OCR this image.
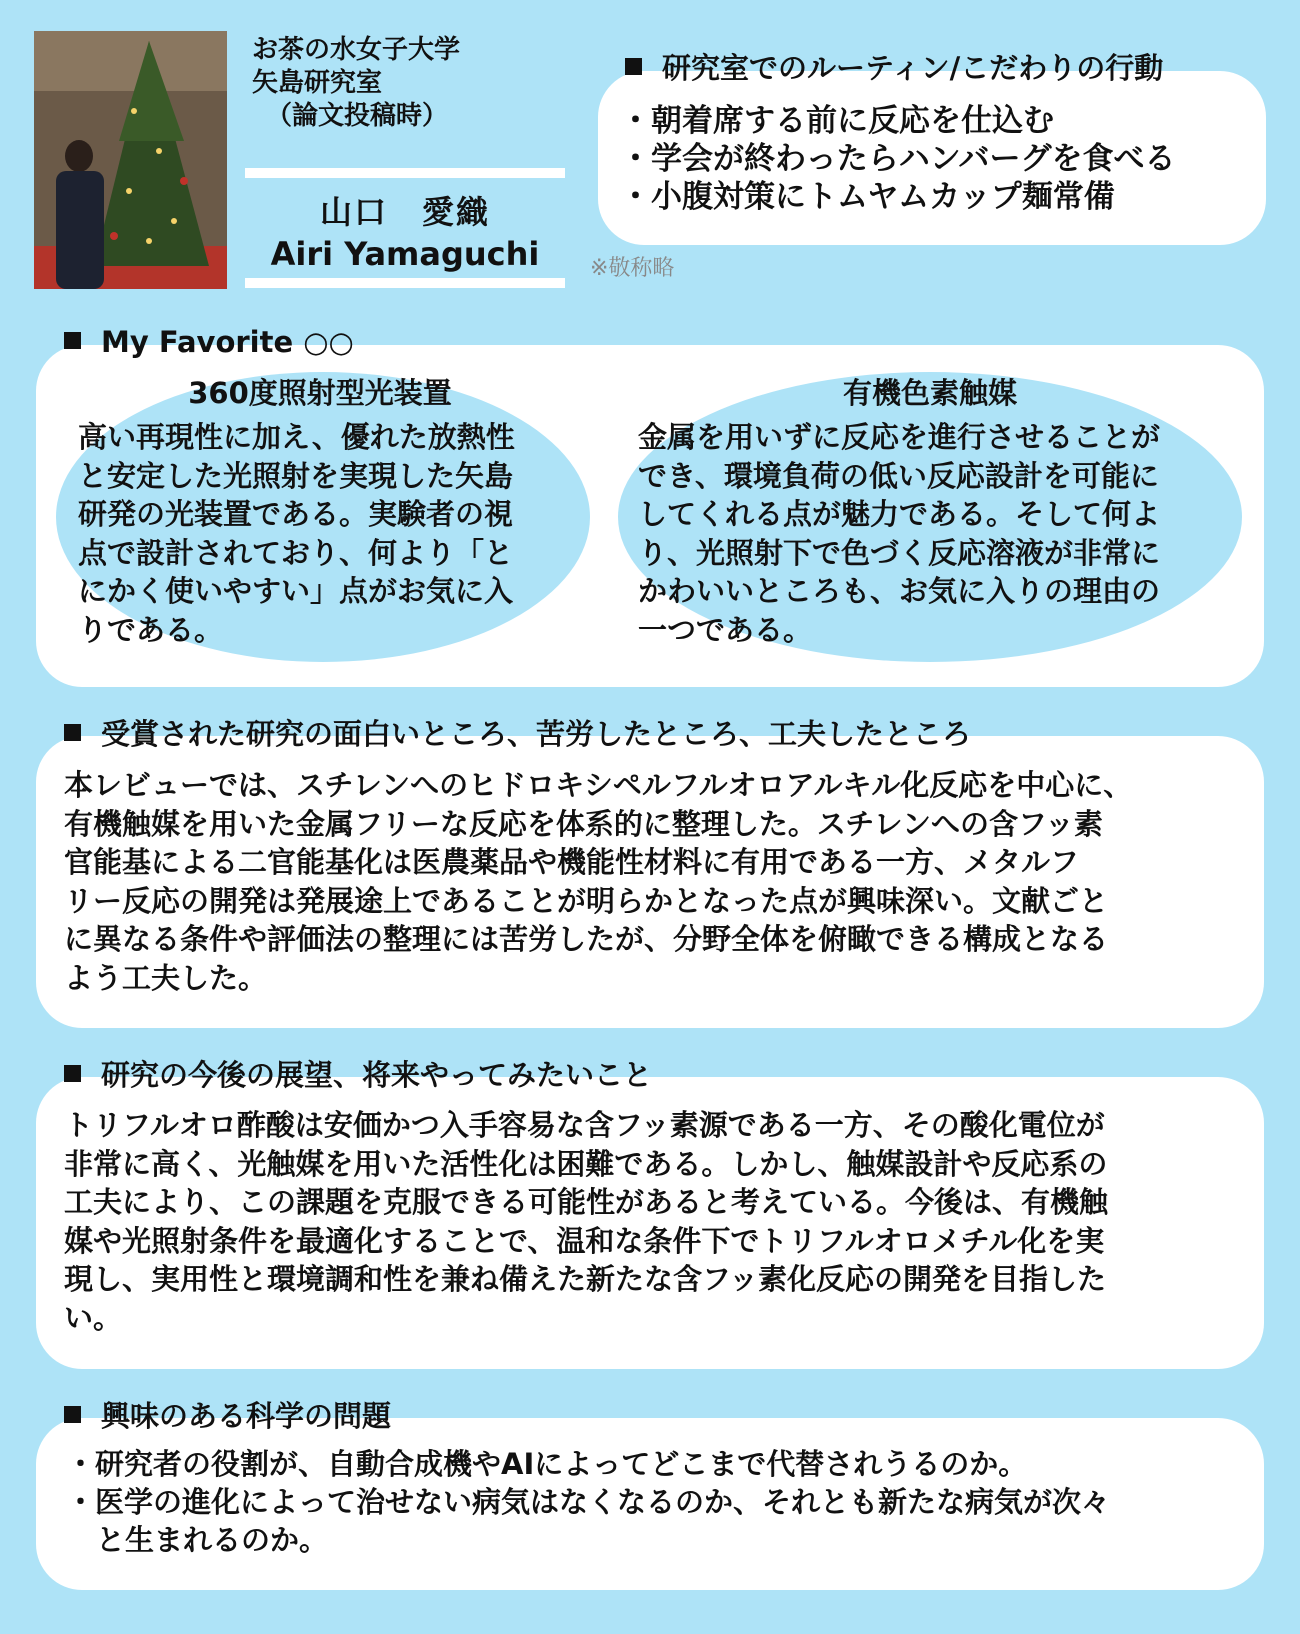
お茶の水女子大学
矢島研究室
（論文投稿時）
山口　愛織
Airi Yamaguchi	※敬称略
研究室でのルーティン/こだわりの行動
・朝着席する前に反応を仕込む
・学会が終わったらハンバーグを食べる
・小腹対策にトムヤムカップ麺常備
My Favorite ○○
360度照射型光装置
高い再現性に加え、優れた放熱性
と安定した光照射を実現した矢島
研発の光装置である。実験者の視
点で設計されており、何より「と
にかく使いやすい」点がお気に入
りである。
有機色素触媒
金属を用いずに反応を進行させることが
でき、環境負荷の低い反応設計を可能に
してくれる点が魅力である。そして何よ
り、光照射下で色づく反応溶液が非常に
かわいいところも、お気に入りの理由の
一つである。
受賞された研究の面白いところ、苦労したところ、工夫したところ
本レビューでは、スチレンへのヒドロキシペルフルオロアルキル化反応を中心に、
有機触媒を用いた金属フリーな反応を体系的に整理した。スチレンへの含フッ素
官能基による二官能基化は医農薬品や機能性材料に有用である一方、メタルフ
リー反応の開発は発展途上であることが明らかとなった点が興味深い。文献ごと
に異なる条件や評価法の整理には苦労したが、分野全体を俯瞰できる構成となる
よう工夫した。
研究の今後の展望、将来やってみたいこと
トリフルオロ酢酸は安価かつ入手容易な含フッ素源である一方、その酸化電位が
非常に高く、光触媒を用いた活性化は困難である。しかし、触媒設計や反応系の
工夫により、この課題を克服できる可能性があると考えている。今後は、有機触
媒や光照射条件を最適化することで、温和な条件下でトリフルオロメチル化を実
現し、実用性と環境調和性を兼ね備えた新たな含フッ素化反応の開発を目指した
い。
興味のある科学の問題
・研究者の役割が、自動合成機やAIによってどこまで代替されうるのか。
・医学の進化によって治せない病気はなくなるのか、それとも新たな病気が次々
と生まれるのか。
